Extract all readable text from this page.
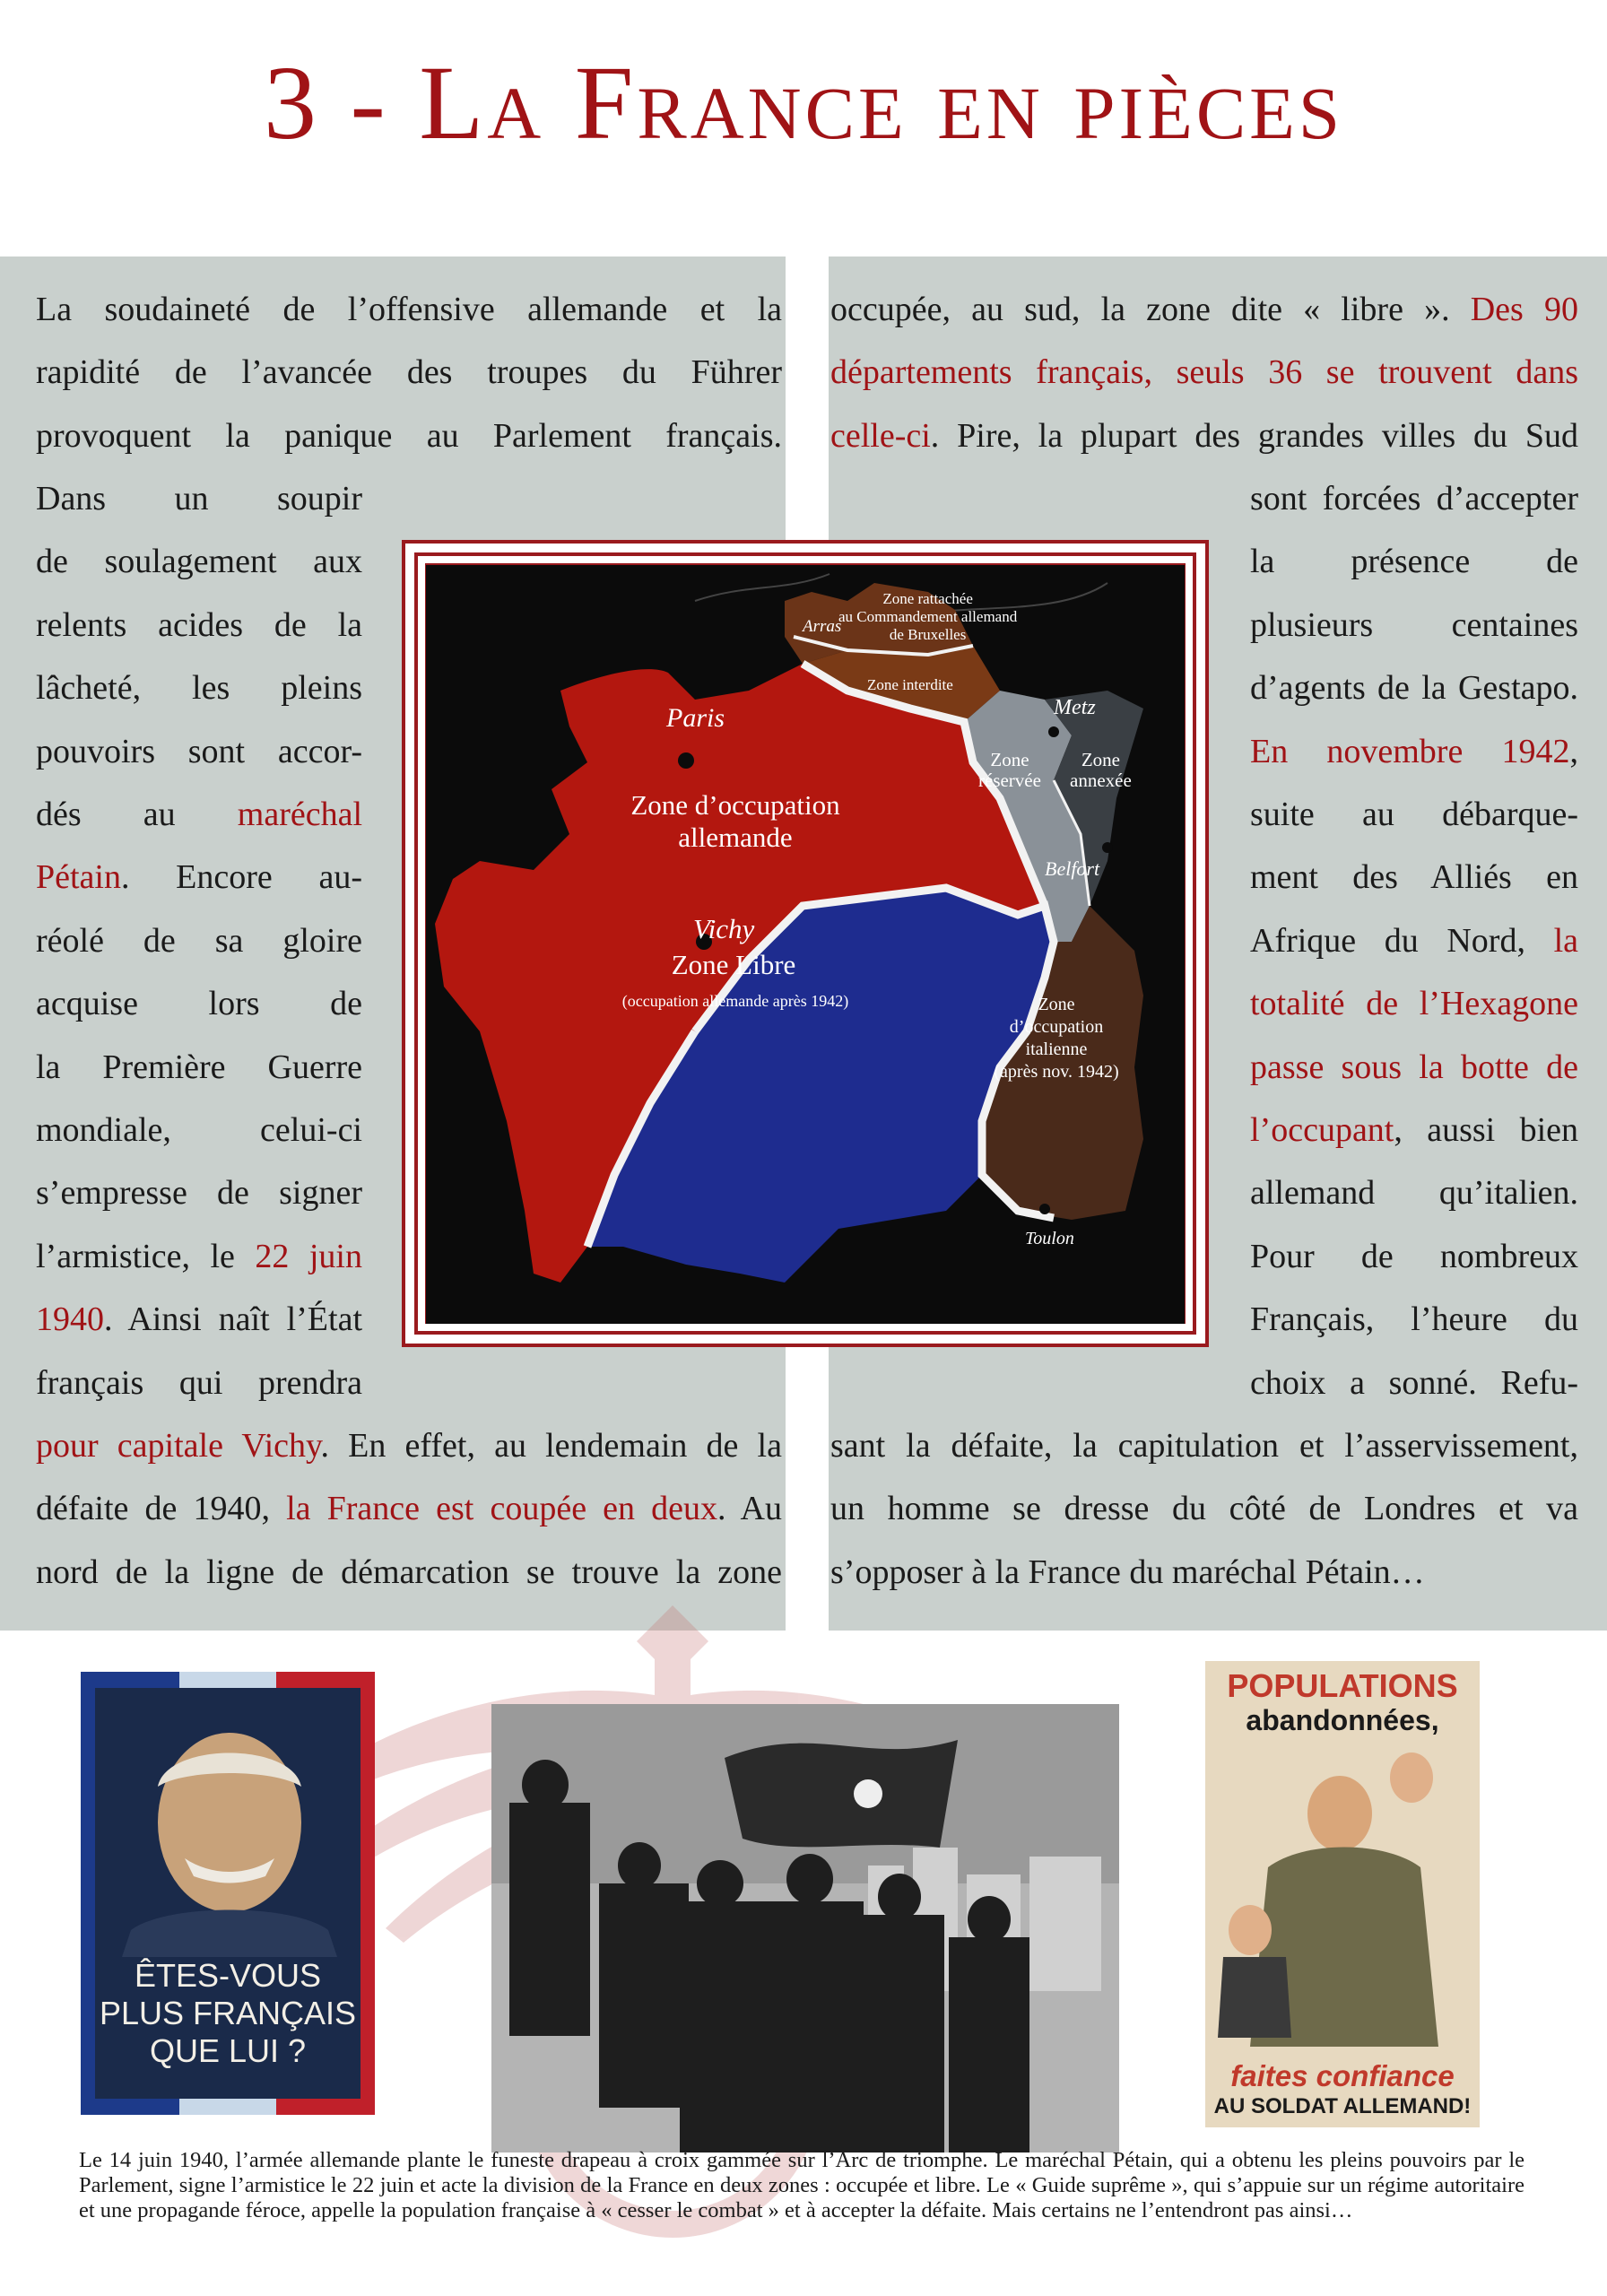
3 - La France en pièces

La soudaineté de l’offensive allemande et la

rapidité de l’avancée des troupes du Führer

provoquent la panique au Parlement français.

Dans un soupir

de soulagement aux

relents acides de la

lâcheté, les pleins

pouvoirs sont accor-

dés au maréchal

Pétain. Encore au-

réolé de sa gloire

acquise lors de

la Première Guerre

mondiale, celui-ci

s’empresse de signer

l’armistice, le 22 juin

1940. Ainsi naît l’État

français qui prendra

pour capitale Vichy. En effet, au lendemain de la

défaite de 1940, la France est coupée en deux. Au

nord de la ligne de démarcation se trouve la zone

occupée, au sud, la zone dite « libre ». Des 90

départements français, seuls 36 se trouvent dans

celle-ci. Pire, la plupart des grandes villes du Sud

sont forcées d’accepter

la présence de

plusieurs centaines

d’agents de la Gestapo.

En novembre 1942,

suite au débarque-

ment des Alliés en

Afrique du Nord, la

totalité de l’Hexagone

passe sous la botte de

l’occupant, aussi bien

allemand qu’italien.

Pour de nombreux

Français, l’heure du

choix a sonné. Refu-

sant la défaite, la capitulation et l’asservissement,

un homme se dresse du côté de Londres et va

s’opposer à la France du maréchal Pétain…

Zone rattachée
au Commandement allemand
de Bruxelles
Arras
Zone interdite
Paris	Metz
Zone
réservée
Zone
annexée
Zone d’occupation
allemande
Belfort
Vichy
Zone Libre
(occupation allemande après 1942)	Zone
d’occupation
italienne
(après nov. 1942)
Toulon
ÊTES-VOUS
PLUS FRANÇAIS
QUE LUI ?
POPULATIONS
abandonnées,
faites confiance
AU SOLDAT ALLEMAND!
Le 14 juin 1940, l’armée allemande plante le funeste drapeau à croix gammée sur l’Arc de triomphe. Le maréchal Pétain, qui a obtenu les pleins pouvoirs par le Parlement, signe l’armistice le 22 juin et acte la division de la France en deux zones : occupée et libre. Le « Guide suprême », qui s’appuie sur un régime autoritaire et une propagande féroce, appelle la population française à « cesser le combat » et à accepter la défaite. Mais certains ne l’entendront pas ainsi…
